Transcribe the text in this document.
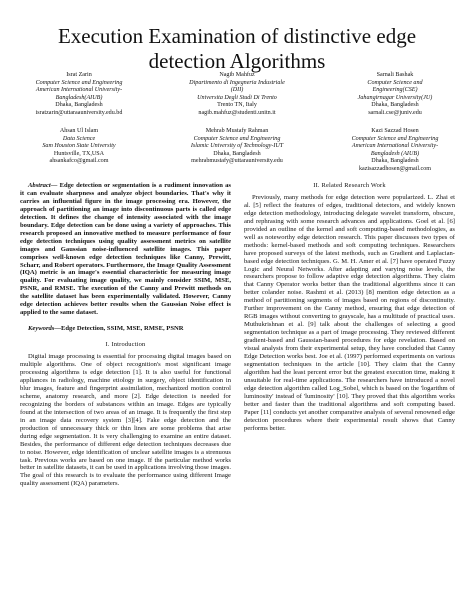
Execution Examination of distinctive edge detection Algorithms
Israt Zarin
Computer Science and Engineering
American International University-
Bangladesh(AIUB)
Dhaka, Bangladesh
isratzarin@uttaraauniversity.edu.bd
Nagib Mahfuz
Dipartimento di Ingegneria Industriale
(DII)
Universita Degli Studi Di Trento
Trento TN, Italy
nagib.mahfuz@studenti.unitn.it
Sarnali Bashak
Computer Science and
Engineering(CSE)
Jahangirnagar University(JU)
Dhaka, Bangladesh
sarnali.cse@juniv.edu
Ahsan Ul Islam
Data Science
Sam Houston State University
Huntsville, TX,USA
ahsankafco@gmail.com
Mehrab Mustafy Rahman
Computer Science and Engineering
Islamic University of Technology-IUT
Dhaka, Bangladesh
mehrabmustafy@uttarauniversity.edu
Kazi Sazzad Hosen
Computer Science and Engineering
American International University-
Bangladesh (AIUB)
Dhaka, Bangladesh
kazisazzadhosen@gmail.com

Abstract— Edge detection or segmentation is a rudiment innovation as it can evaluate sharpness and analyze object boundaries. That's why it carries an influential figure in the image processing era. However, the approach of partitioning an image into discontinuous parts is called edge detection. It defines the change of intensity associated with the image boundary. Edge detection can be done using a variety of approaches. This research proposed an innovative method to measure performance of four edge detection techniques using quality assessment metrics on satellite images and Gaussian noise-influenced satellite images. This paper comprises well-known edge detection techniques like Canny, Prewitt, Scharr, and Robert operators. Furthermore, the Image Quality Assessment (IQA) metric is an image's essential characteristic for measuring image quality. For evaluating image quality, we mainly consider SSIM, MSE, PSNR, and RMSE. The execution of the Canny and Prewitt methods on the satellite dataset has been experimentally validated. However, Canny edge detection achieves better results when the Gaussian Noise effect is applied to the same dataset.

Keywords—Edge Detection, SSIM, MSE, RMSE, PSNR

I. Introduction

Digital image processing is essential for processing digital images based on multiple algorithms. One of object recognition's most significant image processing algorithms is edge detection [1]. It is also useful for functional appliances in radiology, machine etiology in surgery, object identification in blur images, feature and fingerprint assimilation, mechanized motion control scheme, anatomy research, and more [2]. Edge detection is needed for recognizing the borders of substances within an image. Edges are typically found at the intersection of two areas of an image. It is frequently the first step in an image data recovery system [3][4]. Fake edge detection and the production of unnecessary thick or thin lines are some problems that arise during edge segmentation. It is very challenging to examine an entire dataset. Besides, the performance of different edge detection techniques decreases due to noise. However, edge identification of unclear satellite images is a strenuous task. Previous works are based on one image. If the particular method works better in satellite datasets, it can be used in applications involving those images. The goal of this research is to evaluate the performance using different Image quality assessment (IQA) parameters.

II. Related Research Work

Previously, many methods for edge detection were popularized. L. Zhai et al. [5] reflect the features of edges, traditional detectors, and widely known edge detection methodology, introducing delegate wavelet transform, obscure, and rephrasing with some research advances and applications. Goel et al. [6] provided an outline of the kernel and soft computing-based methodologies, as well as noteworthy edge detection research. This paper discusses two types of methods: kernel-based methods and soft computing techniques. Researchers have proposed surveys of the latest methods, such as Gradient and Laplacian-based edge detection techniques. G. M. H. Amer et al. [7] have operated Fuzzy Logic and Neural Networks. After adapting and varying noise levels, the researchers propose to follow adaptive edge detection algorithms. They claim that Canny Operator works better than the traditional algorithms since it can better colander noise. Rashmi et al. (2013) [8] mention edge detection as a method of partitioning segments of images based on regions of discontinuity. Further improvement on the Canny method, ensuring that edge detection of RGB images without converting to grayscale, has a multitude of practical uses. Muthukrishnan et al. [9] talk about the challenges of selecting a good segmentation technique as a part of image processing. They reviewed different gradient-based and Gaussian-based procedures for edge revelation. Based on visual analysis from their experimental setup, they have concluded that Canny Edge Detection works best. Joe et al. (1997) performed experiments on various segmentation techniques in the article [10]. They claim that the Canny algorithm had the least percent error but the greatest execution time, making it unsuitable for real-time applications. The researchers have introduced a novel edge detection algorithm called Log_Sobel, which is based on the 'logarithm of luminosity' instead of 'luminosity' [10]. They proved that this algorithm works better and faster than the traditional algorithms and soft computing based. Paper [11] conducts yet another comparative analysis of several renowned edge detection procedures where their experimental result shows that Canny performs better.
